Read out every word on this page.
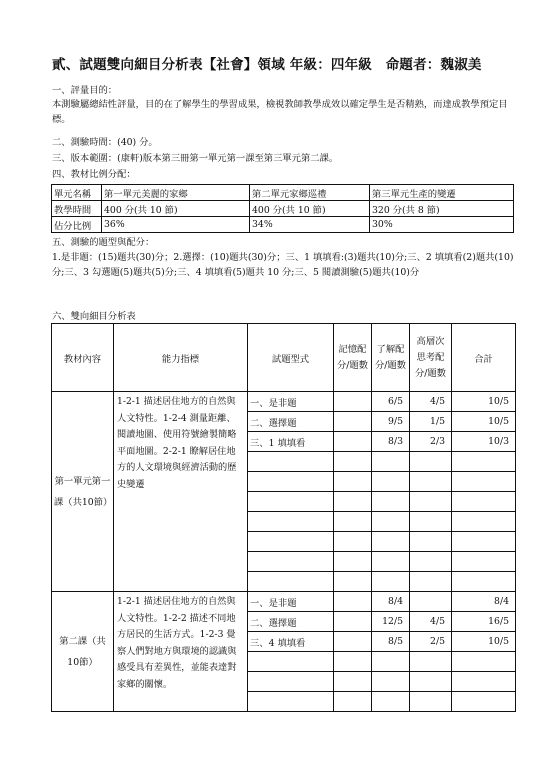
貳、試題雙向細目分析表【社會】領域 年級：四年級　命題者：魏淑美
一、評量目的：
本測驗屬總結性評量，目的在了解學生的學習成果，檢視教師教學成效以確定學生是否精熟，而達成教學預定目標。
二、測驗時間：(40) 分。
三、版本範圍：(康軒)版本第三冊第一單元第一課至第三單元第二課。
四、教材比例分配：
單元名稱	第一單元美麗的家鄉	第二單元家鄉巡禮	第三單元生產的變遷
教學時間	400 分(共 10 節)	400 分(共 10 節)	320 分(共 8 節)
佔分比例	36%	34%	30%
五、測驗的題型與配分：
1.是非題：(15)題共(30)分；2.選擇：(10)題共(30)分；三、1 填填看:(3)題共(10)分;三、2 填填看(2)題共(10)分;三、3 勾選題(5)題共(5)分;三、4 填填看(5)題共 10 分;三、5 閱讀測驗(5)題共(10)分
六、雙向細目分析表
教材內容	能力指標	試題型式	記憶配分/題數	了解配分/題數	高層次思考配分/題數	合計
第一單元第一課（共10節）	1-2-1 描述居住地方的自然與人文特性。1-2-4 測量距離、閱讀地圖、使用符號繪製簡略平面地圖。2-2-1 瞭解居住地方的人文環境與經濟活動的歷史變遷	一、是非題		6/5	4/5	10/5
		二、選擇題		9/5	1/5	10/5
		三、1 填填看		8/3	2/3	10/3

第二課（共10節）	1-2-1 描述居住地方的自然與人文特性。1-2-2 描述不同地方居民的生活方式。1-2-3 覺察人們對地方與環境的認識與感受具有差異性，並能表達對家鄉的關懷。	一、是非題		8/4		8/4
		二、選擇題		12/5	4/5	16/5
		三、4 填填看		8/5	2/5	10/5
